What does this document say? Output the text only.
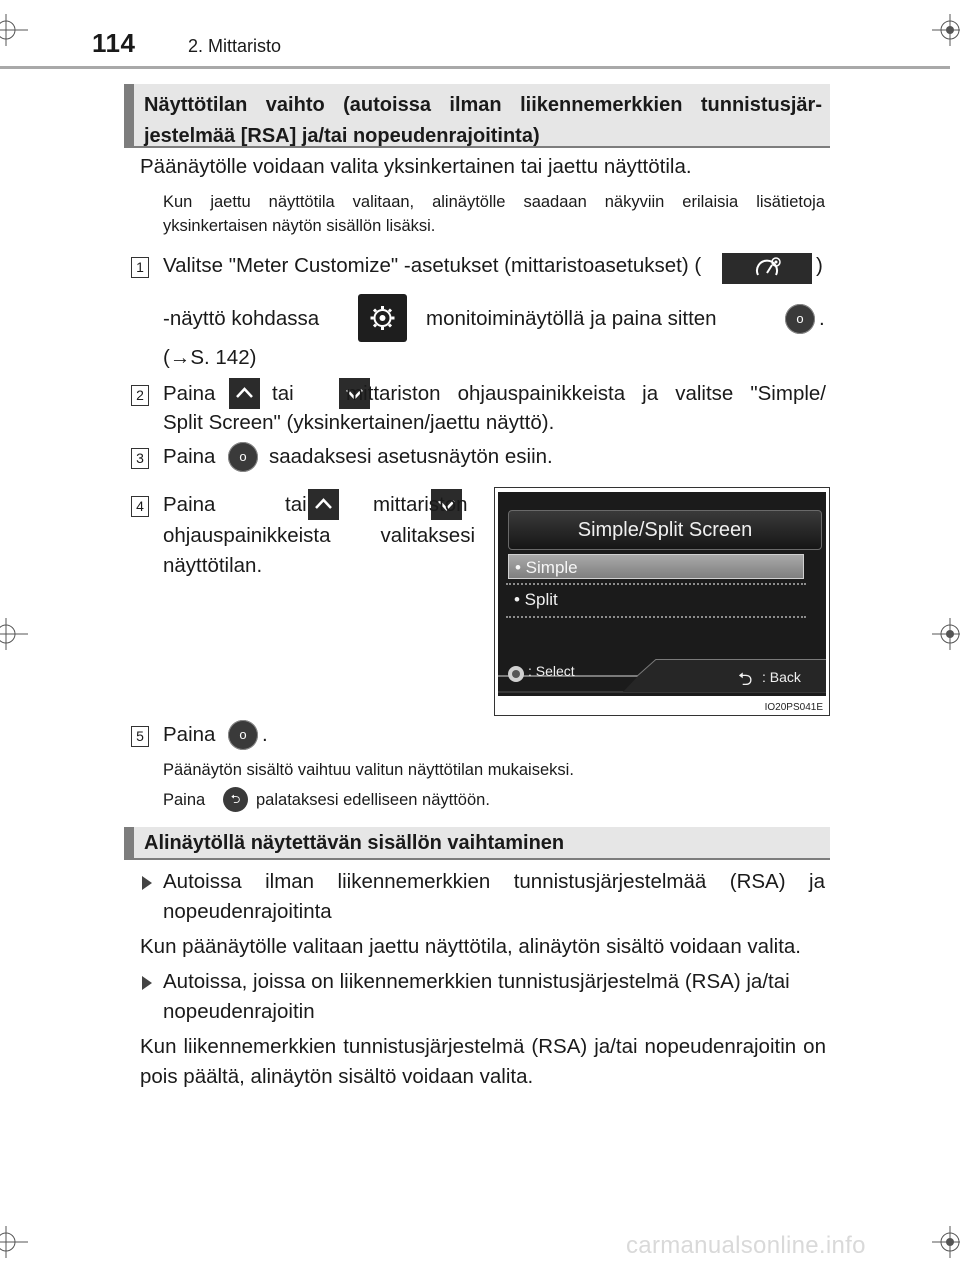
114	2. Mittaristo
Näyttötilan vaihto (autoissa ilman liikennemerkkien tunnistusjärjestelmää [RSA] ja/tai nopeudenrajoitinta)
Päänäytölle voidaan valita yksinkertainen tai jaettu näyttötila.
Kun jaettu näyttötila valitaan, alinäytölle saadaan näkyviin erilaisia lisätietoja yksinkertaisen näytön sisällön lisäksi.
1 Valitse "Meter Customize" -asetukset (mittaristoasetukset) (	)
-näyttö kohdassa	monitoiminäytöllä ja paina sitten	o .
(→S. 142)
2 Paina
	tai
	mittariston ohjauspainikkeista ja valitse "Simple/
Split Screen" (yksinkertainen/jaettu näyttö).
3 Paina	o	saadaksesi asetusnäytön esiin.
4 Paina
	tai	mittariston
ohjauspainikkeista valitaksesi näyttötilan.
Simple/Split Screen
• Simple
• Split
: Select	⮌ : Back
IO20PS041E
5 Paina	o .
Päänäytön sisältö vaihtuu valitun näyttötilan mukaiseksi.
Paina	⮌ palataksesi edelliseen näyttöön.
Alinäytöllä näytettävän sisällön vaihtaminen
Autoissa ilman liikennemerkkien tunnistusjärjestelmää (RSA) ja nopeudenrajoitinta
Kun päänäytölle valitaan jaettu näyttötila, alinäytön sisältö voidaan valita.
Autoissa, joissa on liikennemerkkien tunnistusjärjestelmä (RSA) ja/tai nopeudenrajoitin
Kun liikennemerkkien tunnistusjärjestelmä (RSA) ja/tai nopeudenrajoitin on pois päältä, alinäytön sisältö voidaan valita.
carmanualsonline.info
